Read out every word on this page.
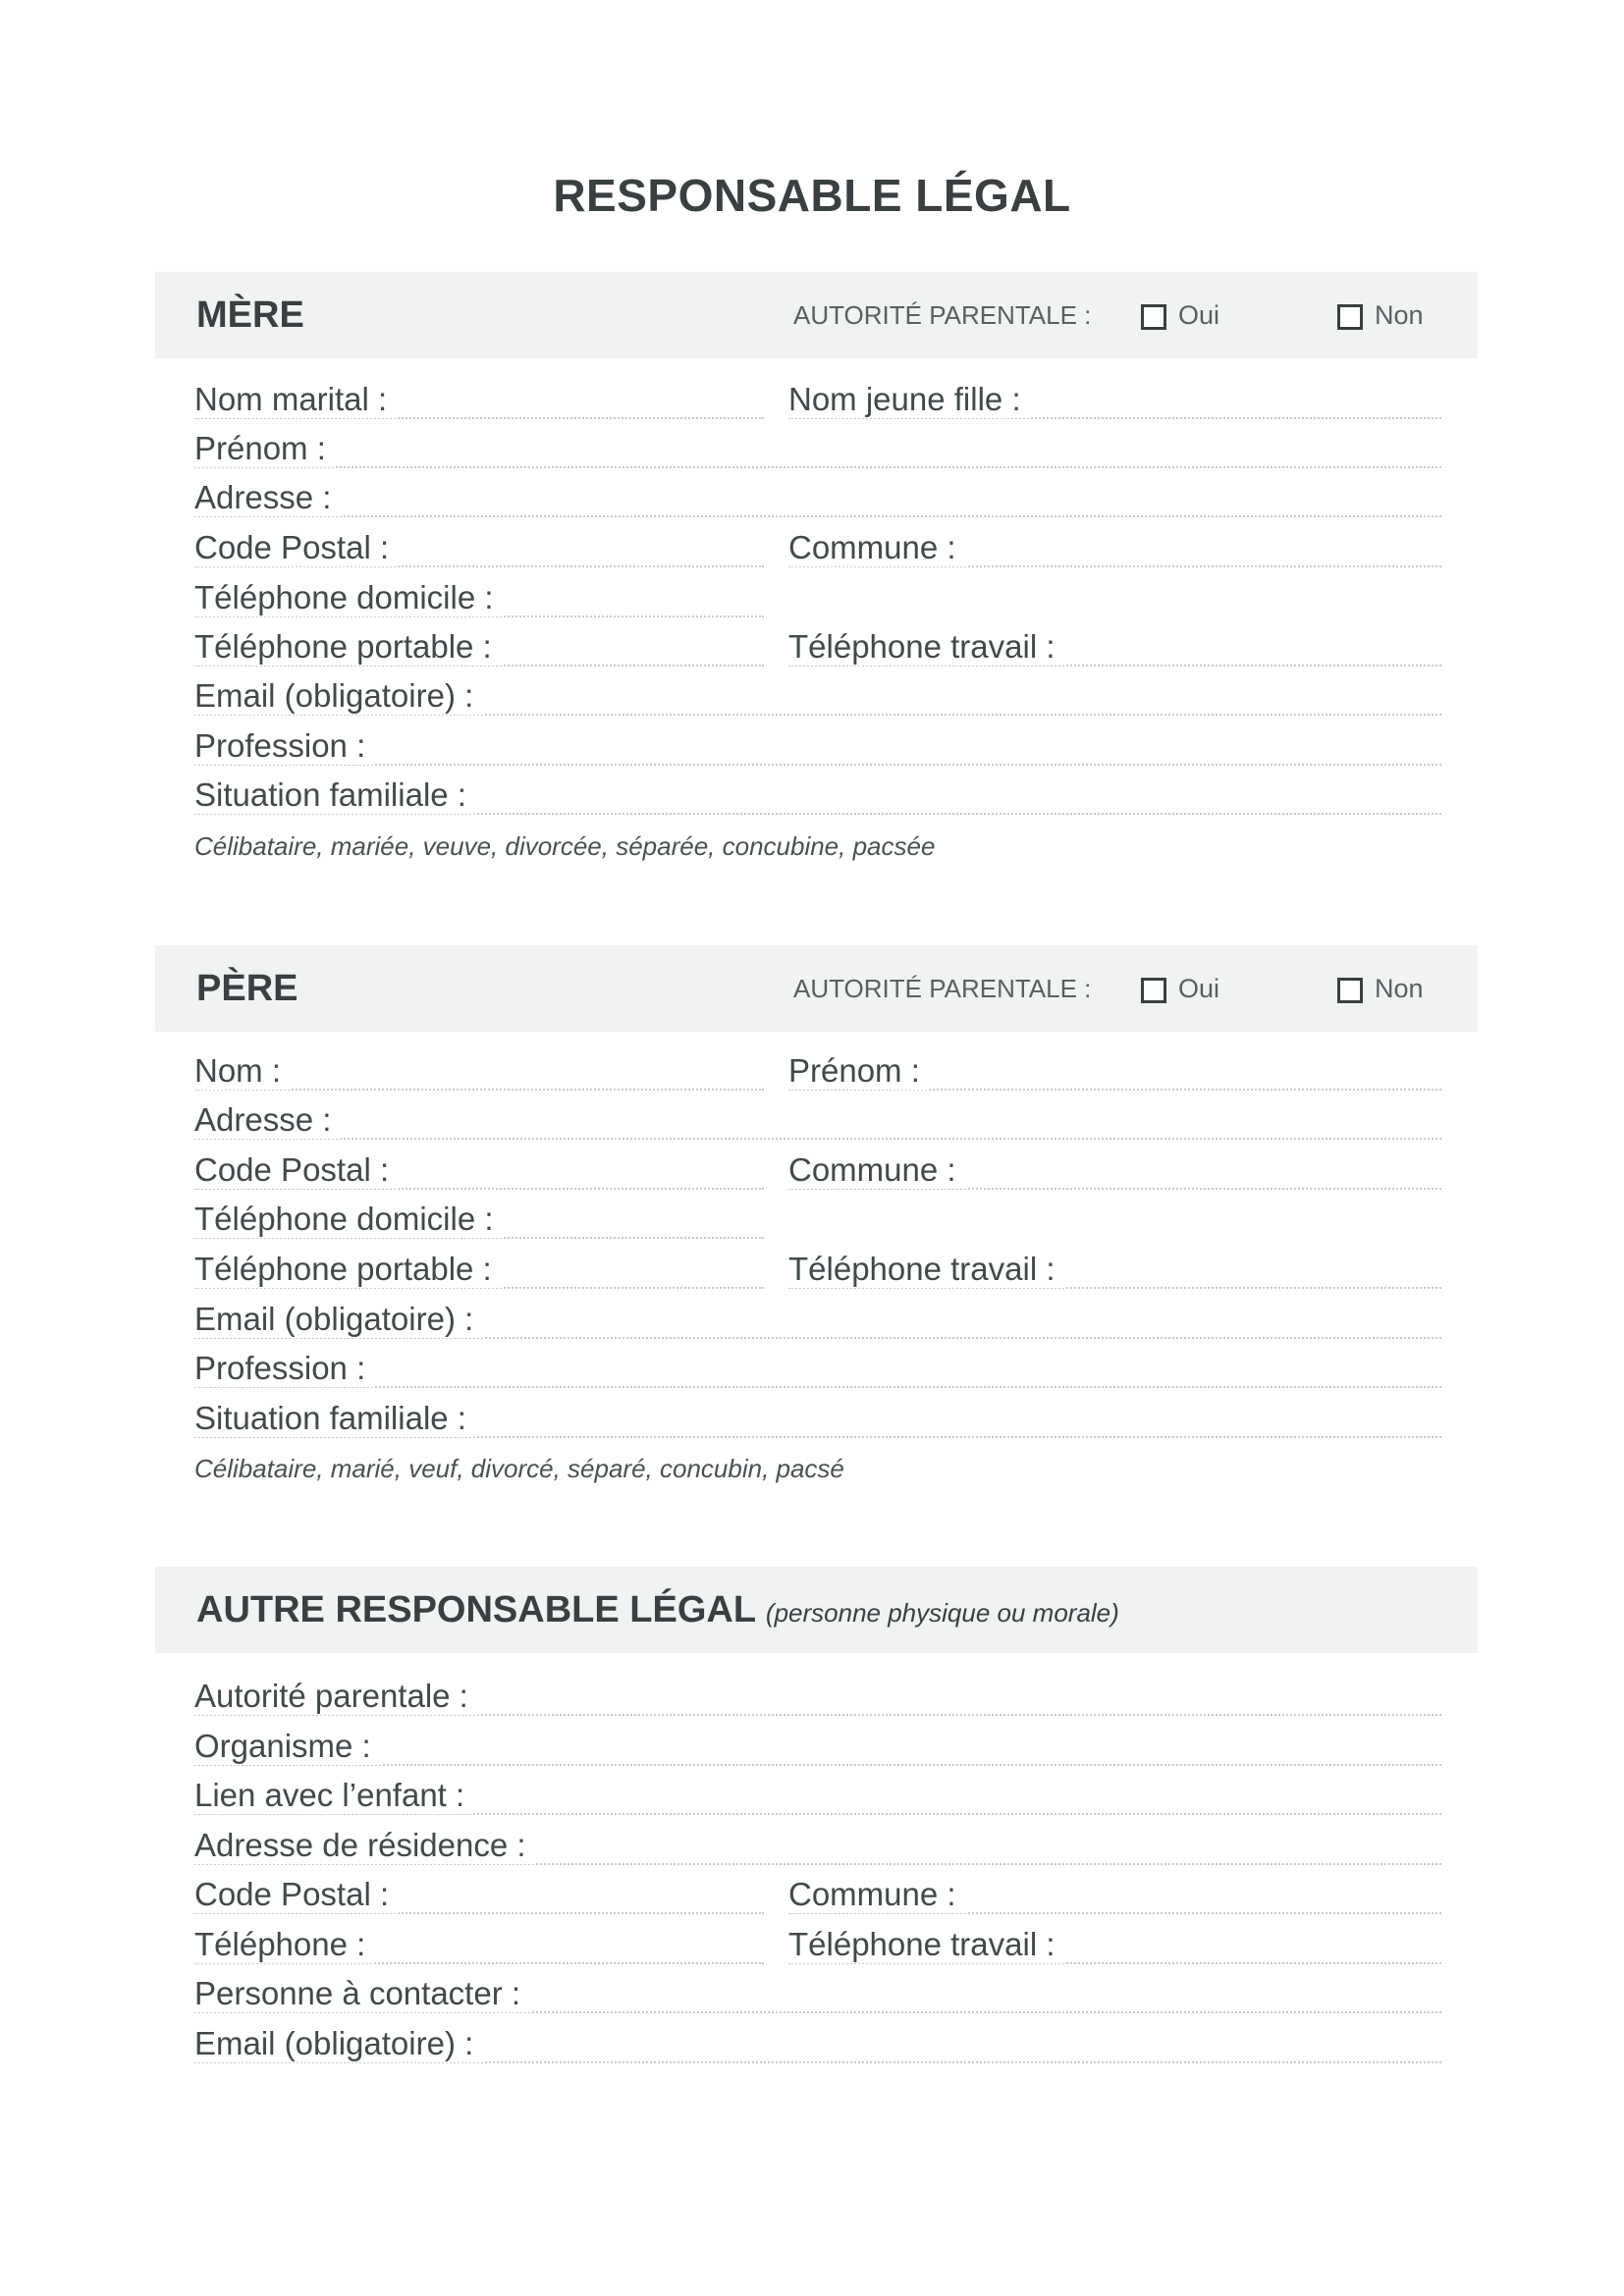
RESPONSABLE LÉGAL
MÈRE	AUTORITÉ PARENTALE :	Oui	Non
Nom marital :	Nom jeune fille :
Prénom :
Adresse :
Code Postal :	Commune :
Téléphone domicile :
Téléphone portable :	Téléphone travail :
Email (obligatoire) :
Profession :
Situation familiale :
Célibataire, mariée, veuve, divorcée, séparée, concubine, pacsée
PÈRE	AUTORITÉ PARENTALE :	Oui	Non
Nom :	Prénom :
Adresse :
Code Postal :	Commune :
Téléphone domicile :
Téléphone portable :	Téléphone travail :
Email (obligatoire) :
Profession :
Situation familiale :
Célibataire, marié, veuf, divorcé, séparé, concubin, pacsé
AUTRE RESPONSABLE LÉGAL (personne physique ou morale)
Autorité parentale :
Organisme :
Lien avec l’enfant :
Adresse de résidence :
Code Postal :	Commune :
Téléphone :	Téléphone travail :
Personne à contacter :
Email (obligatoire) :
